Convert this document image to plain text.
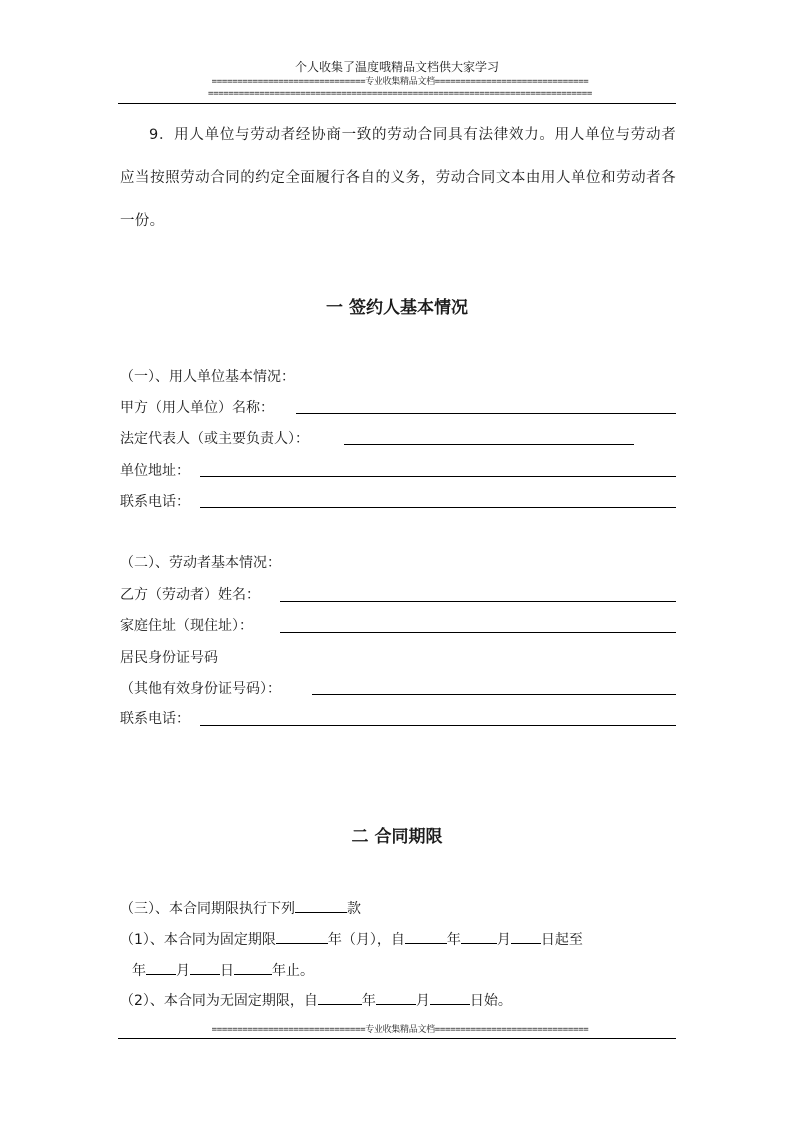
个人收集了温度哦精品文档供大家学习
==============================专业收集精品文档==============================
===========================================================================

9．用人单位与劳动者经协商一致的劳动合同具有法律效力。用人单位与劳动者应当按照劳动合同的约定全面履行各自的义务，劳动合同文本由用人单位和劳动者各一份。

一 签约人基本情况
（一）、用人单位基本情况：
甲方（用人单位）名称：
法定代表人（或主要负责人）：
单位地址：
联系电话：
（二）、劳动者基本情况：
乙方（劳动者）姓名：
家庭住址（现住址）：
居民身份证号码
（其他有效身份证号码）：
联系电话：
二 合同期限
（三）、本合同期限执行下列	款
（1）、本合同为固定期限	年（月），自	年	月 日起至
年 月 日	年止。
（2）、本合同为无固定期限，自	年	月	日始。
==============================专业收集精品文档==============================
